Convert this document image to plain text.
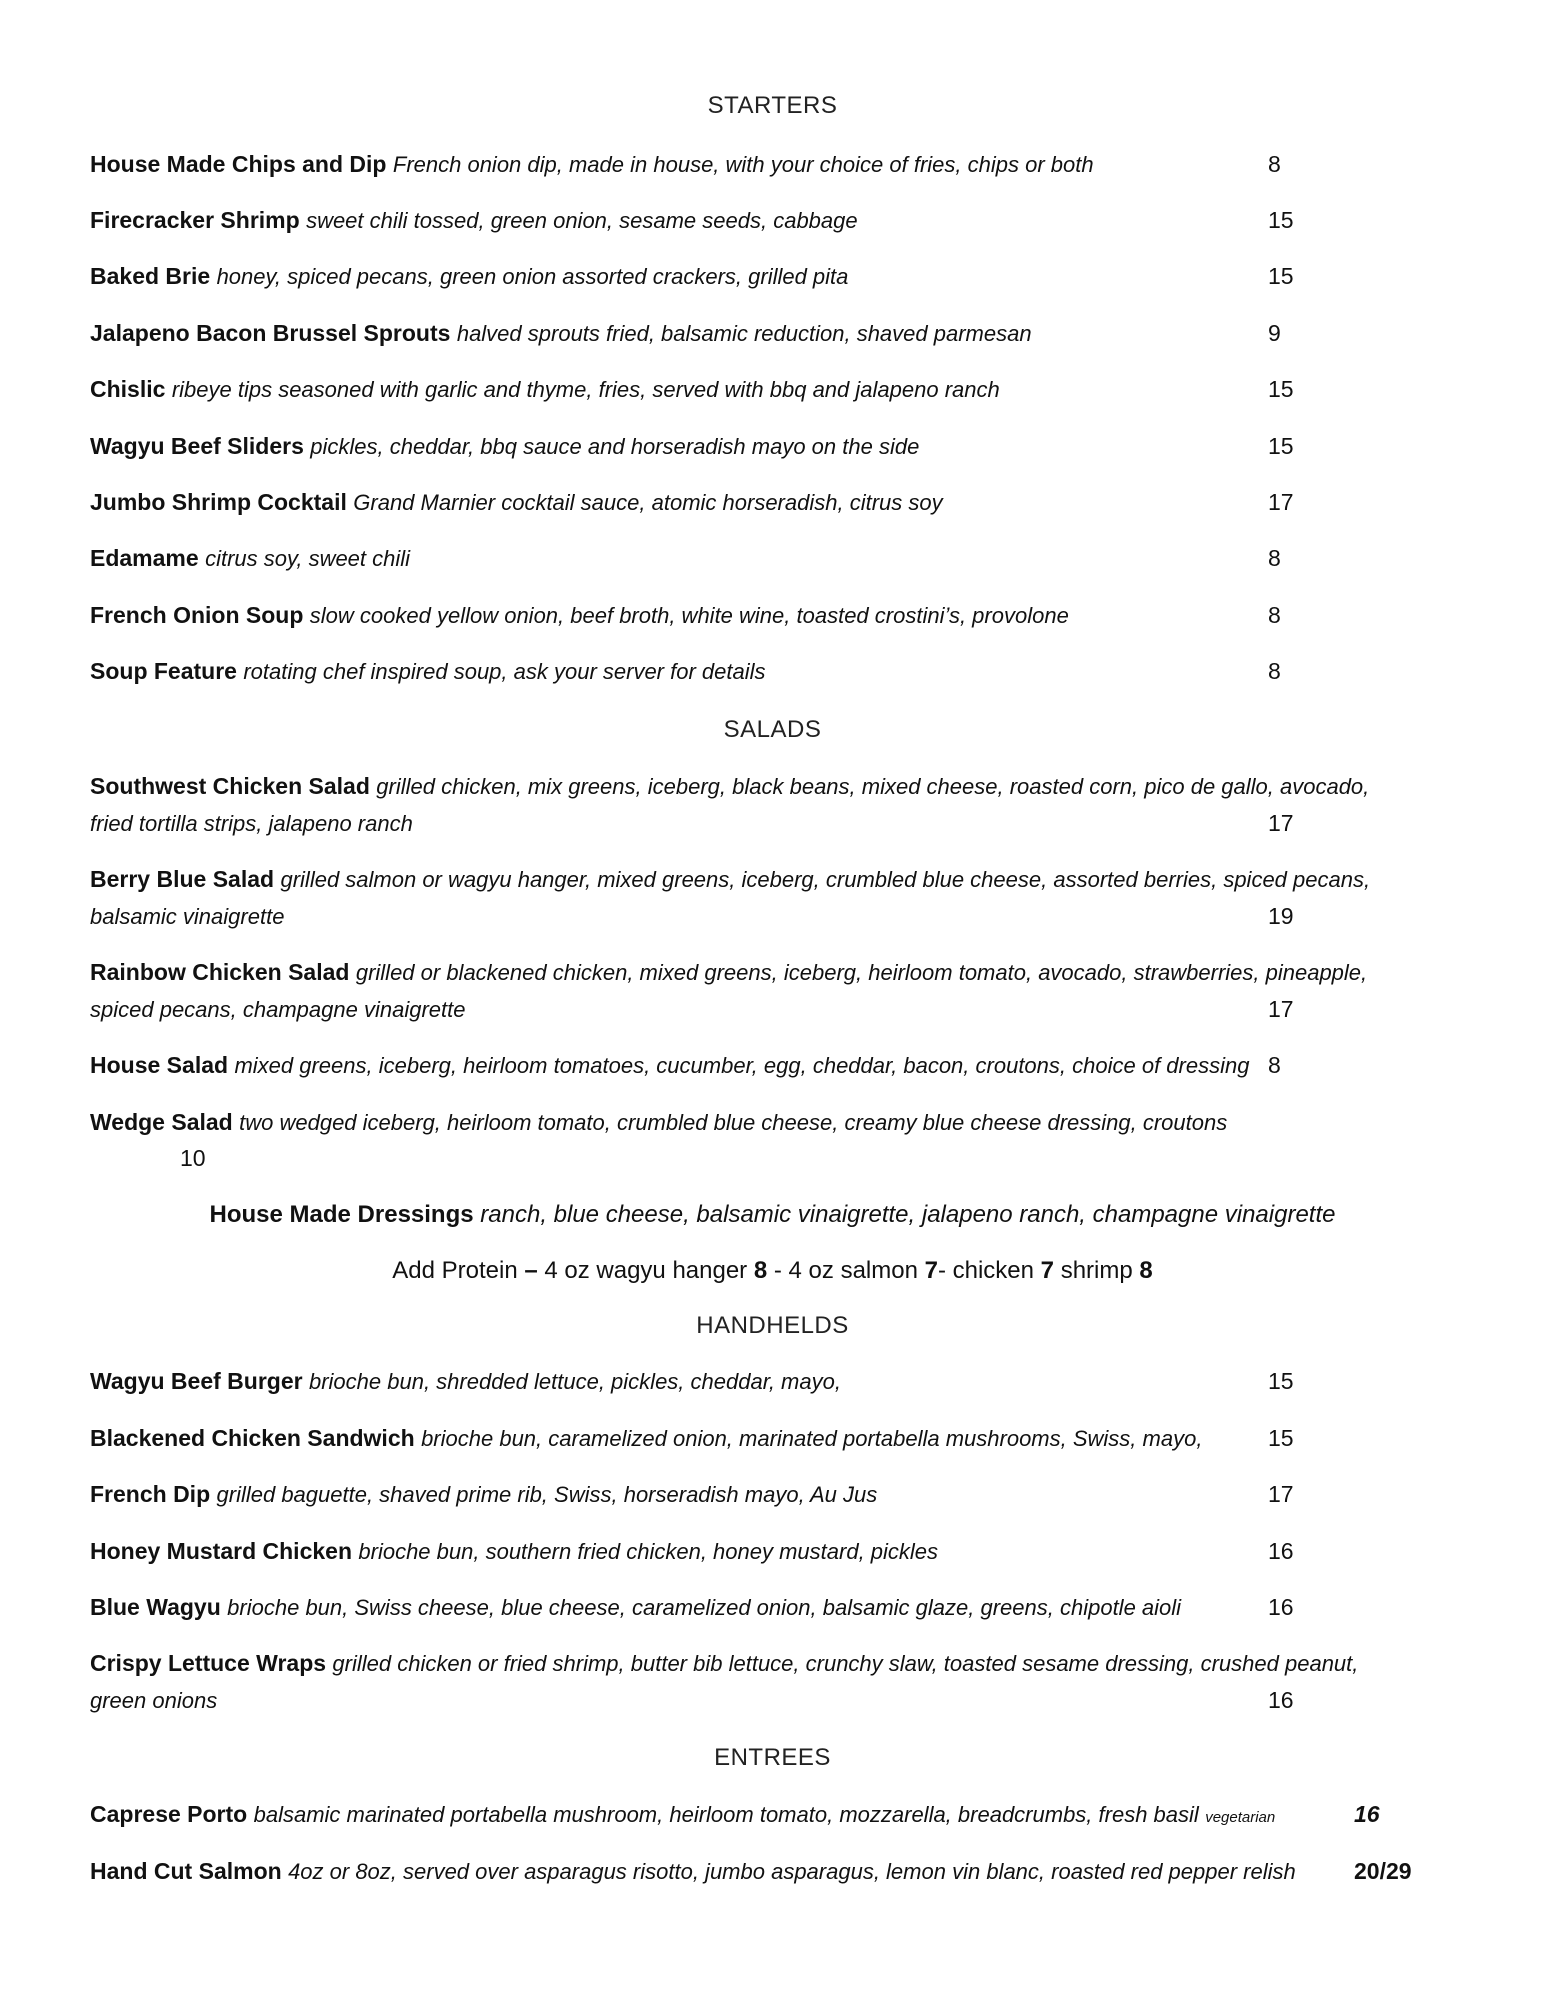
STARTERS
House Made Chips and Dip French onion dip, made in house, with your choice of fries, chips or both	8
Firecracker Shrimp sweet chili tossed, green onion, sesame seeds, cabbage	15
Baked Brie honey, spiced pecans, green onion assorted crackers, grilled pita	15
Jalapeno Bacon Brussel Sprouts halved sprouts fried, balsamic reduction, shaved parmesan	9
Chislic ribeye tips seasoned with garlic and thyme, fries, served with bbq and jalapeno ranch	15
Wagyu Beef Sliders pickles, cheddar, bbq sauce and horseradish mayo on the side	15
Jumbo Shrimp Cocktail Grand Marnier cocktail sauce, atomic horseradish, citrus soy	17
Edamame citrus soy, sweet chili	8
French Onion Soup slow cooked yellow onion, beef broth, white wine, toasted crostini’s, provolone	8
Soup Feature rotating chef inspired soup, ask your server for details	8
SALADS
Southwest Chicken Salad grilled chicken, mix greens, iceberg, black beans, mixed cheese, roasted corn, pico de gallo, avocado,
fried tortilla strips, jalapeno ranch	17
Berry Blue Salad grilled salmon or wagyu hanger, mixed greens, iceberg, crumbled blue cheese, assorted berries, spiced pecans,
balsamic vinaigrette	19
Rainbow Chicken Salad grilled or blackened chicken, mixed greens, iceberg, heirloom tomato, avocado, strawberries, pineapple,
spiced pecans, champagne vinaigrette	17
House Salad mixed greens, iceberg, heirloom tomatoes, cucumber, egg, cheddar, bacon, croutons, choice of dressing 8
Wedge Salad two wedged iceberg, heirloom tomato, crumbled blue cheese, creamy blue cheese dressing, croutons
10
House Made Dressings ranch, blue cheese, balsamic vinaigrette, jalapeno ranch, champagne vinaigrette
Add Protein – 4 oz wagyu hanger 8 - 4 oz salmon 7- chicken 7 shrimp 8
HANDHELDS
Wagyu Beef Burger brioche bun, shredded lettuce, pickles, cheddar, mayo,	15
Blackened Chicken Sandwich brioche bun, caramelized onion, marinated portabella mushrooms, Swiss, mayo,	15
French Dip grilled baguette, shaved prime rib, Swiss, horseradish mayo, Au Jus	17
Honey Mustard Chicken brioche bun, southern fried chicken, honey mustard, pickles	16
Blue Wagyu brioche bun, Swiss cheese, blue cheese, caramelized onion, balsamic glaze, greens, chipotle aioli	16
Crispy Lettuce Wraps grilled chicken or fried shrimp, butter bib lettuce, crunchy slaw, toasted sesame dressing, crushed peanut,
green onions	16
ENTREES
Caprese Porto balsamic marinated portabella mushroom, heirloom tomato, mozzarella, breadcrumbs, fresh basil vegetarian	16
Hand Cut Salmon 4oz or 8oz, served over asparagus risotto, jumbo asparagus, lemon vin blanc, roasted red pepper relish	20/29
